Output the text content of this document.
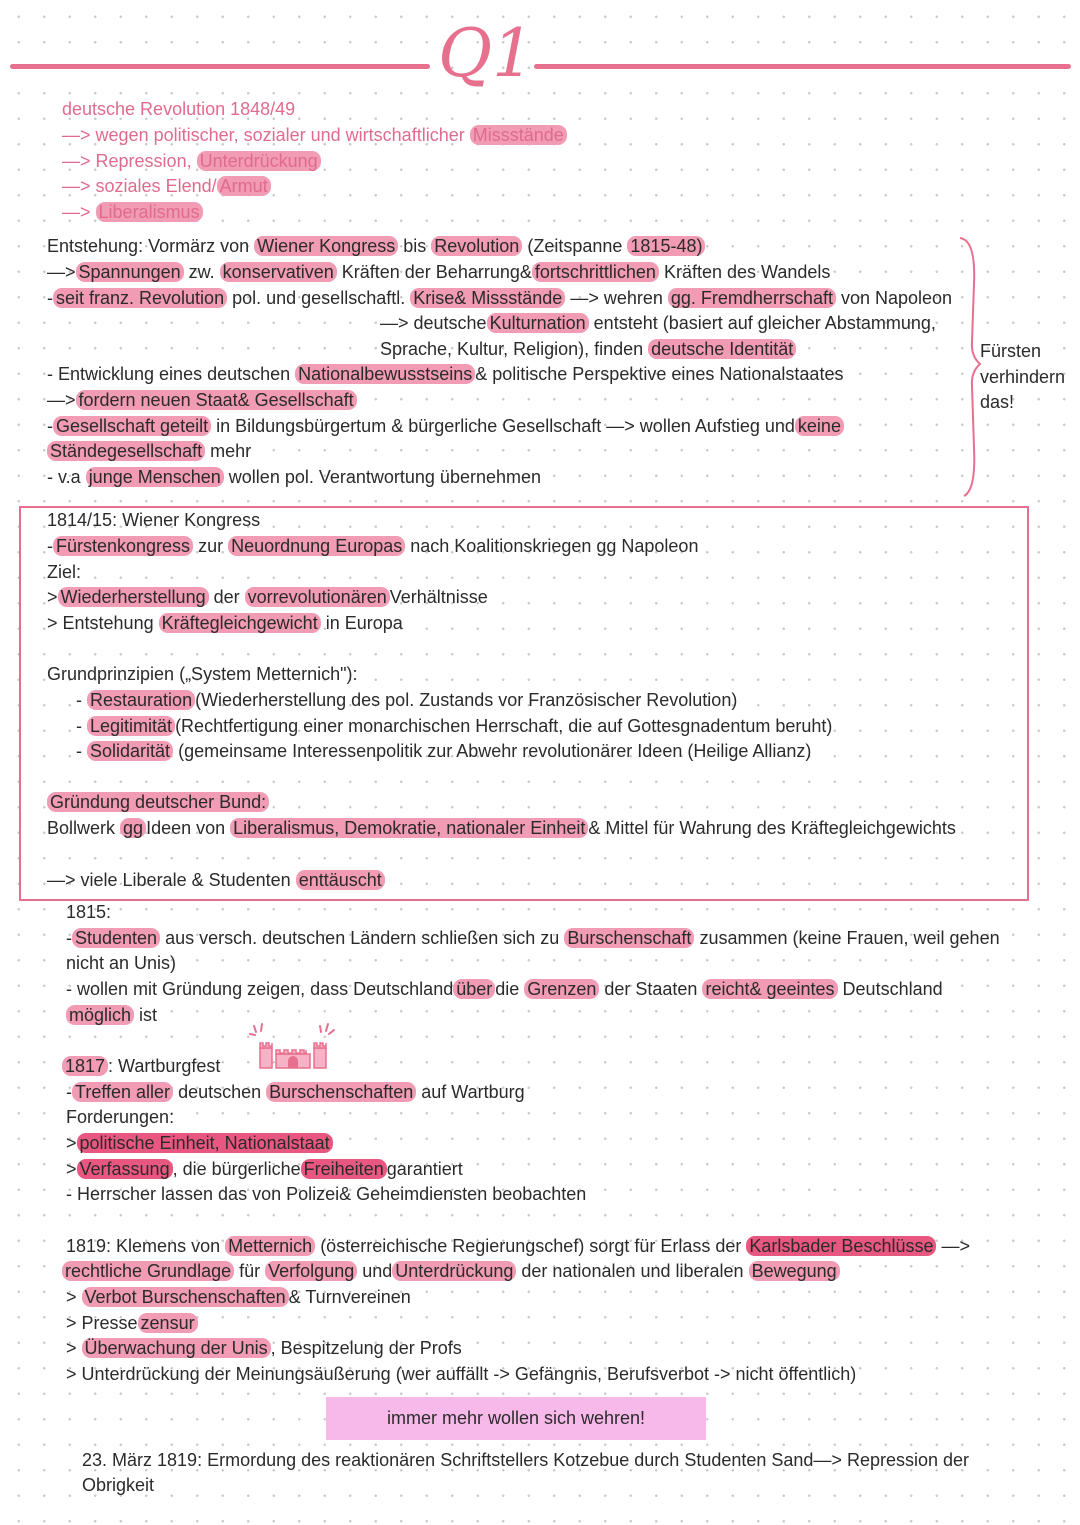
Q1
deutsche Revolution 1848/49
—> wegen politischer, sozialer und wirtschaftlicher Missstände
—> Repression, Unterdrückung
—> soziales Elend/ Armut
—> Liberalismus
Entstehung: Vormärz von Wiener Kongress bis Revolution (Zeitspanne 1815-48)
—> Spannungen zw. konservativen Kräften der Beharrung& fortschrittlichen Kräften des Wandels
- seit franz. Revolution pol. und gesellschaftl. Krise& Missstände —> wehren gg. Fremdherrschaft von Napoleon
—> deutsche Kulturnation entsteht (basiert auf gleicher Abstammung,
Sprache, Kultur, Religion), finden deutsche Identität
- Entwicklung eines deutschen Nationalbewusstseins & politische Perspektive eines Nationalstaates
—> fordern neuen Staat& Gesellschaft
- Gesellschaft geteilt in Bildungsbürgertum & bürgerliche Gesellschaft —> wollen Aufstieg und keine
Ständegesellschaft mehr
- v.a junge Menschen wollen pol. Verantwortung übernehmen
Fürsten
verhindern
das!
1814/15: Wiener Kongress
- Fürstenkongress zur Neuordnung Europas nach Koalitionskriegen gg Napoleon
Ziel:
> Wiederherstellung der vorrevolutionären Verhältnisse
> Entstehung Kräftegleichgewicht in Europa
Grundprinzipien („System Metternich"):
- Restauration (Wiederherstellung des pol. Zustands vor Französischer Revolution)
- Legitimität (Rechtfertigung einer monarchischen Herrschaft, die auf Gottesgnadentum beruht)
- Solidarität (gemeinsame Interessenpolitik zur Abwehr revolutionärer Ideen (Heilige Allianz)
Gründung deutscher Bund:
Bollwerk gg Ideen von Liberalismus, Demokratie, nationaler Einheit & Mittel für Wahrung des Kräftegleichgewichts
—> viele Liberale & Studenten enttäuscht
1815:
- Studenten aus versch. deutschen Ländern schließen sich zu Burschenschaft zusammen (keine Frauen, weil gehen
nicht an Unis)
- wollen mit Gründung zeigen, dass Deutschland über die Grenzen der Staaten reicht& geeintes Deutschland
möglich ist
1817 : Wartburgfest
- Treffen aller deutschen Burschenschaften auf Wartburg
Forderungen:
> politische Einheit, Nationalstaat
> Verfassung , die bürgerliche Freiheiten garantiert
- Herrscher lassen das von Polizei& Geheimdiensten beobachten
1819: Klemens von Metternich (österreichische Regierungschef) sorgt für Erlass der Karlsbader Beschlüsse —>
rechtliche Grundlage für Verfolgung und Unterdrückung der nationalen und liberalen Bewegung
> Verbot Burschenschaften & Turnvereinen
> Presse zensur
> Überwachung der Unis , Bespitzelung der Profs
> Unterdrückung der Meinungsäußerung (wer auffällt -> Gefängnis, Berufsverbot -> nicht öffentlich)
immer mehr wollen sich wehren!
23. März 1819: Ermordung des reaktionären Schriftstellers Kotzebue durch Studenten Sand—> Repression der
Obrigkeit
